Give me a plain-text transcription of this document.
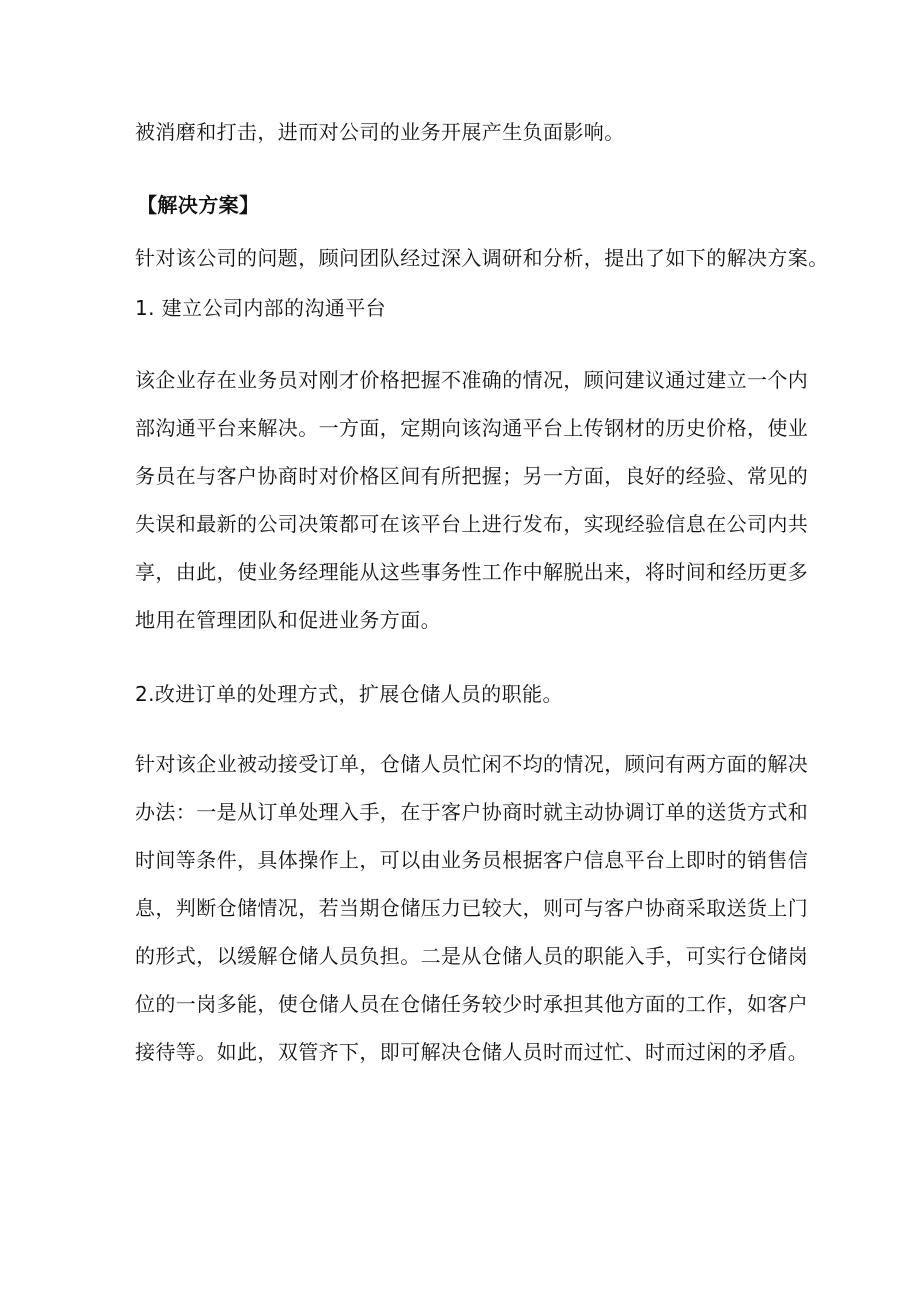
被消磨和打击，进而对公司的业务开展产生负面影响。
【解决方案】
针对该公司的问题，顾问团队经过深入调研和分析，提出了如下的解决方案。
1. 建立公司内部的沟通平台
该企业存在业务员对刚才价格把握不准确的情况，顾问建议通过建立一个内
部沟通平台来解决。一方面，定期向该沟通平台上传钢材的历史价格，使业
务员在与客户协商时对价格区间有所把握；另一方面，良好的经验、常见的
失误和最新的公司决策都可在该平台上进行发布，实现经验信息在公司内共
享，由此，使业务经理能从这些事务性工作中解脱出来，将时间和经历更多
地用在管理团队和促进业务方面。
2.改进订单的处理方式，扩展仓储人员的职能。
针对该企业被动接受订单，仓储人员忙闲不均的情况，顾问有两方面的解决
办法：一是从订单处理入手，在于客户协商时就主动协调订单的送货方式和
时间等条件，具体操作上，可以由业务员根据客户信息平台上即时的销售信
息，判断仓储情况，若当期仓储压力已较大，则可与客户协商采取送货上门
的形式，以缓解仓储人员负担。二是从仓储人员的职能入手，可实行仓储岗
位的一岗多能，使仓储人员在仓储任务较少时承担其他方面的工作，如客户
接待等。如此，双管齐下，即可解决仓储人员时而过忙、时而过闲的矛盾。
